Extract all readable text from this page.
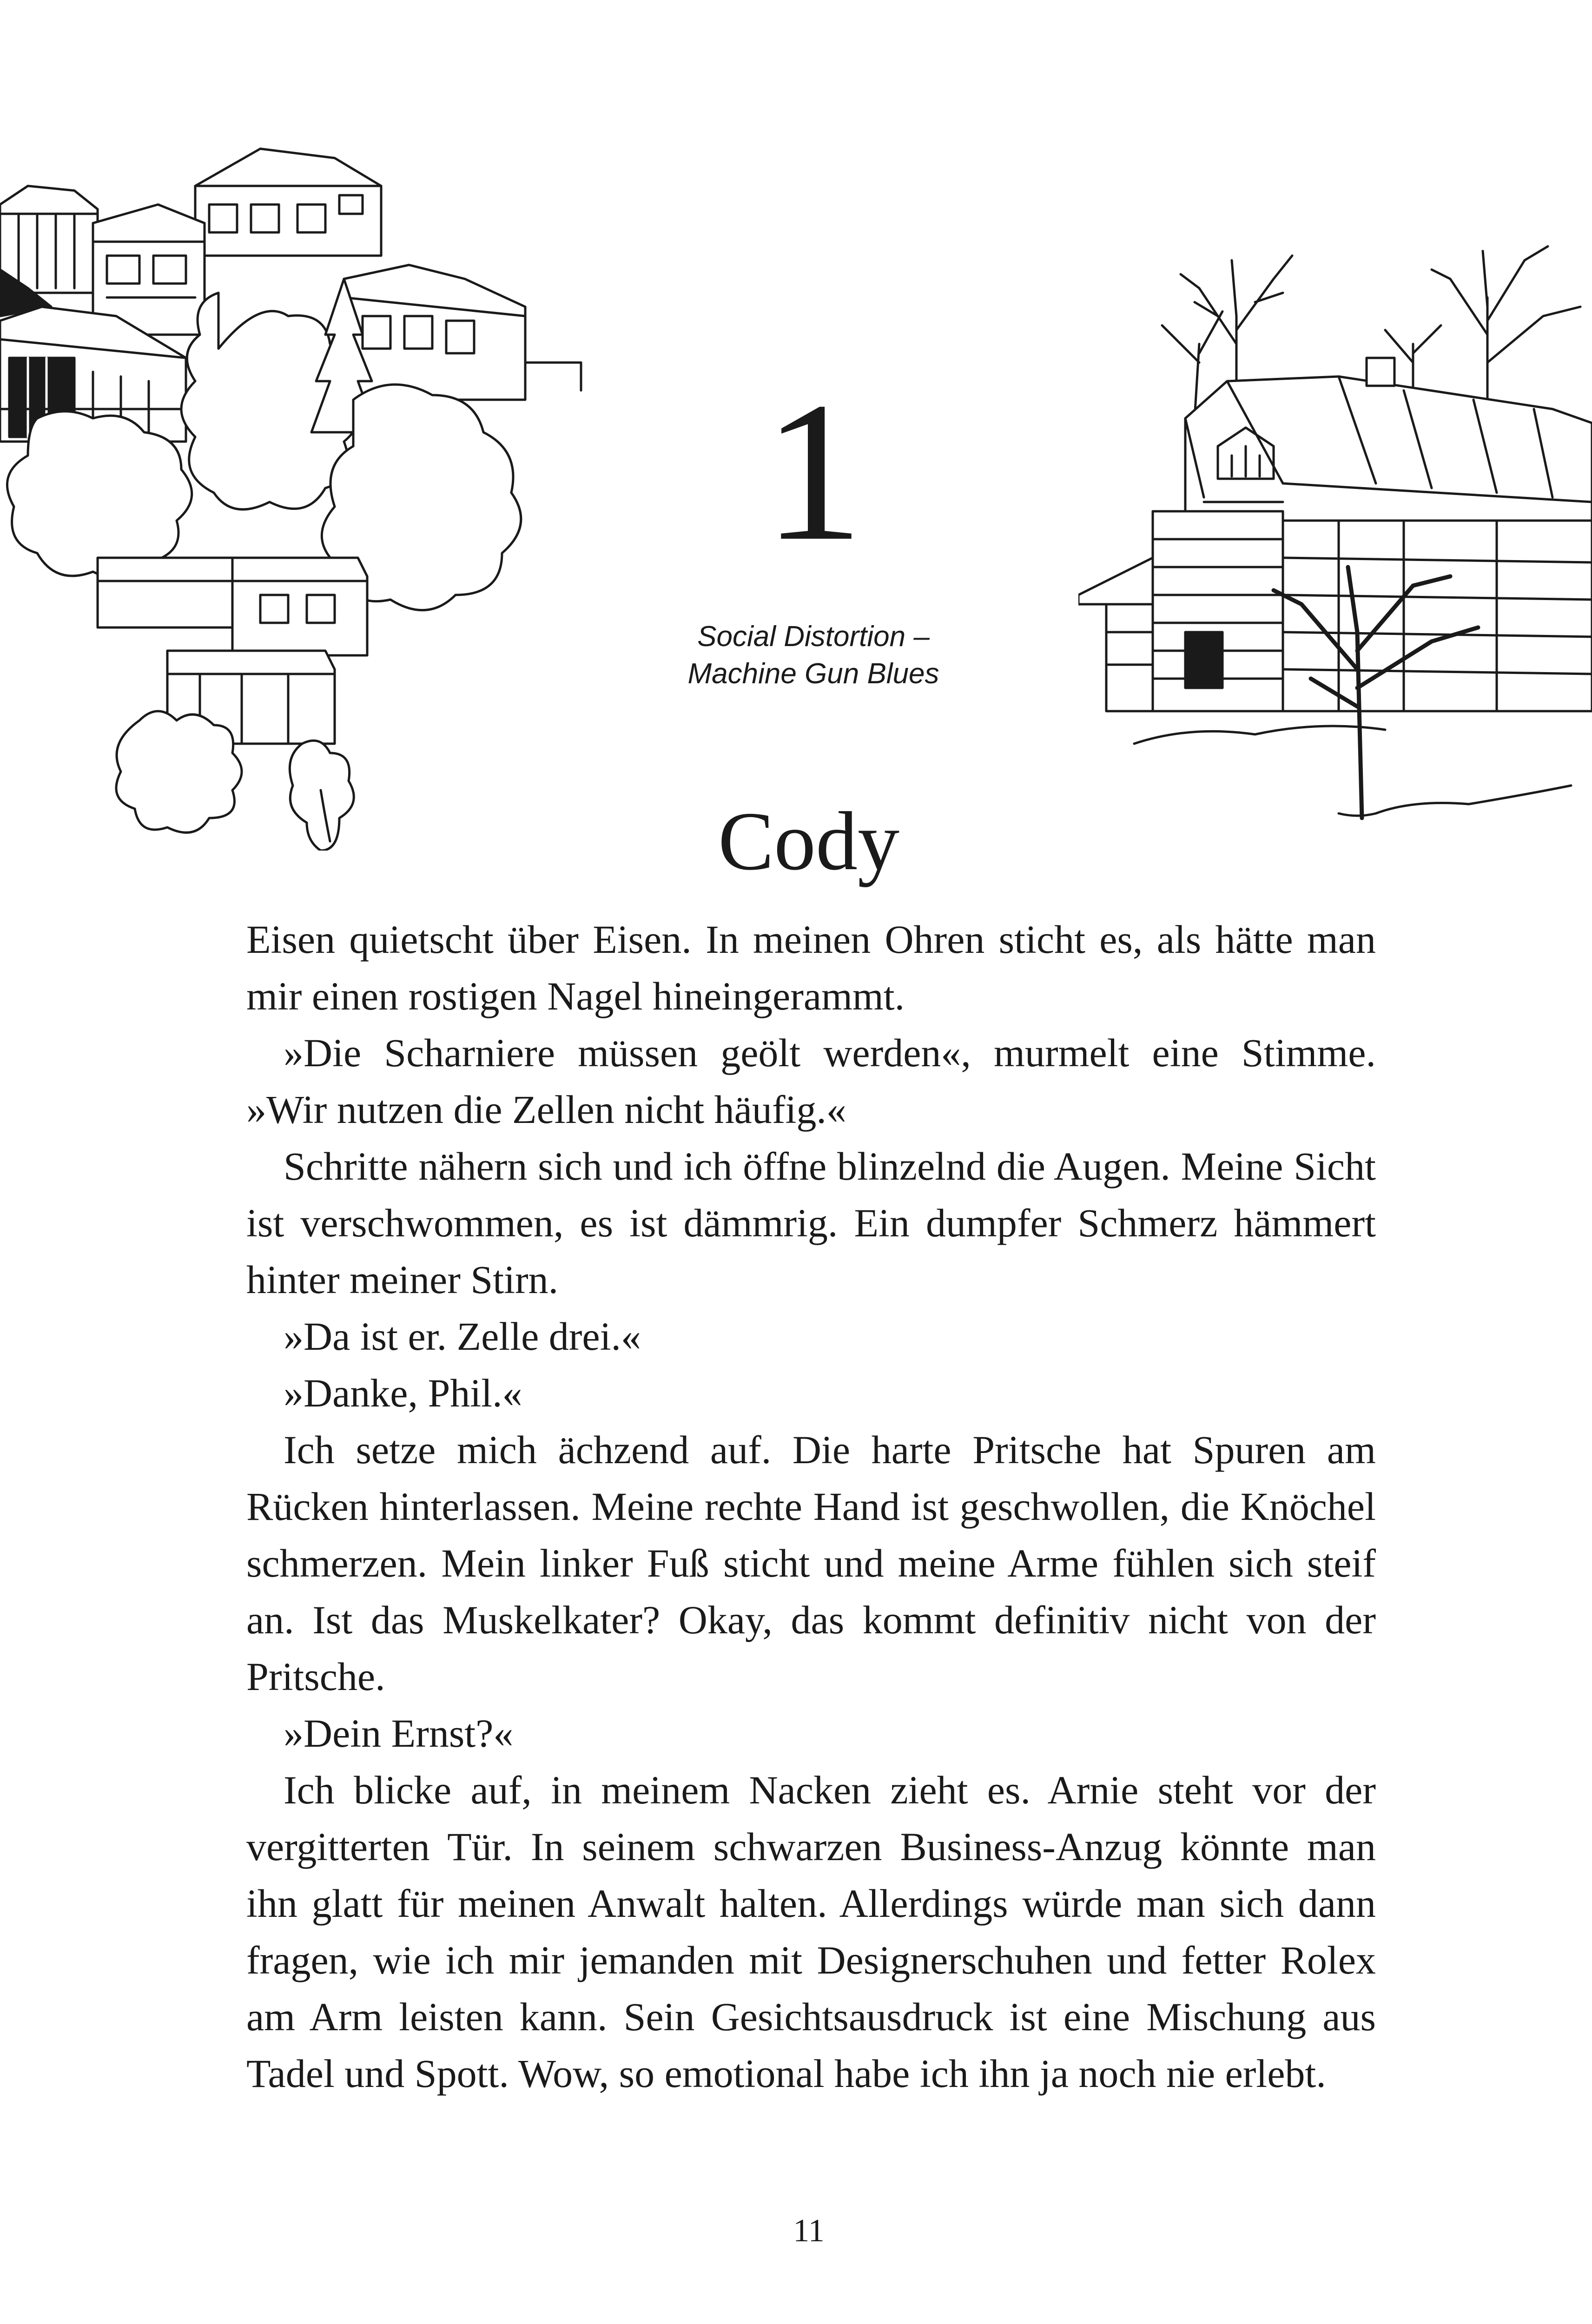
1
Social Distortion –
Machine Gun Blues
Cody

Eisen quietscht über Eisen. In meinen Ohren sticht es, als hätte man mir einen rostigen Nagel hineingerammt.

»Die Scharniere müssen geölt werden«, murmelt eine Stimme. »Wir nutzen die Zellen nicht häufig.«

Schritte nähern sich und ich öffne blinzelnd die Augen. Meine Sicht ist verschwommen, es ist dämmrig. Ein dumpfer Schmerz hämmert hinter meiner Stirn.

»Da ist er. Zelle drei.«

»Danke, Phil.«

Ich setze mich ächzend auf. Die harte Pritsche hat Spuren am Rücken hinterlassen. Meine rechte Hand ist geschwollen, die Knöchel schmerzen. Mein linker Fuß sticht und meine Arme fühlen sich steif an. Ist das Muskelkater? Okay, das kommt definitiv nicht von der Pritsche.

»Dein Ernst?«

Ich blicke auf, in meinem Nacken zieht es. Arnie steht vor der vergitterten Tür. In seinem schwarzen Business-Anzug könnte man ihn glatt für meinen Anwalt halten. Allerdings würde man sich dann fragen, wie ich mir jemanden mit Designerschuhen und fetter Rolex am Arm leisten kann. Sein Gesichtsausdruck ist eine Mischung aus Tadel und Spott. Wow, so emotional habe ich ihn ja noch nie erlebt.

11
